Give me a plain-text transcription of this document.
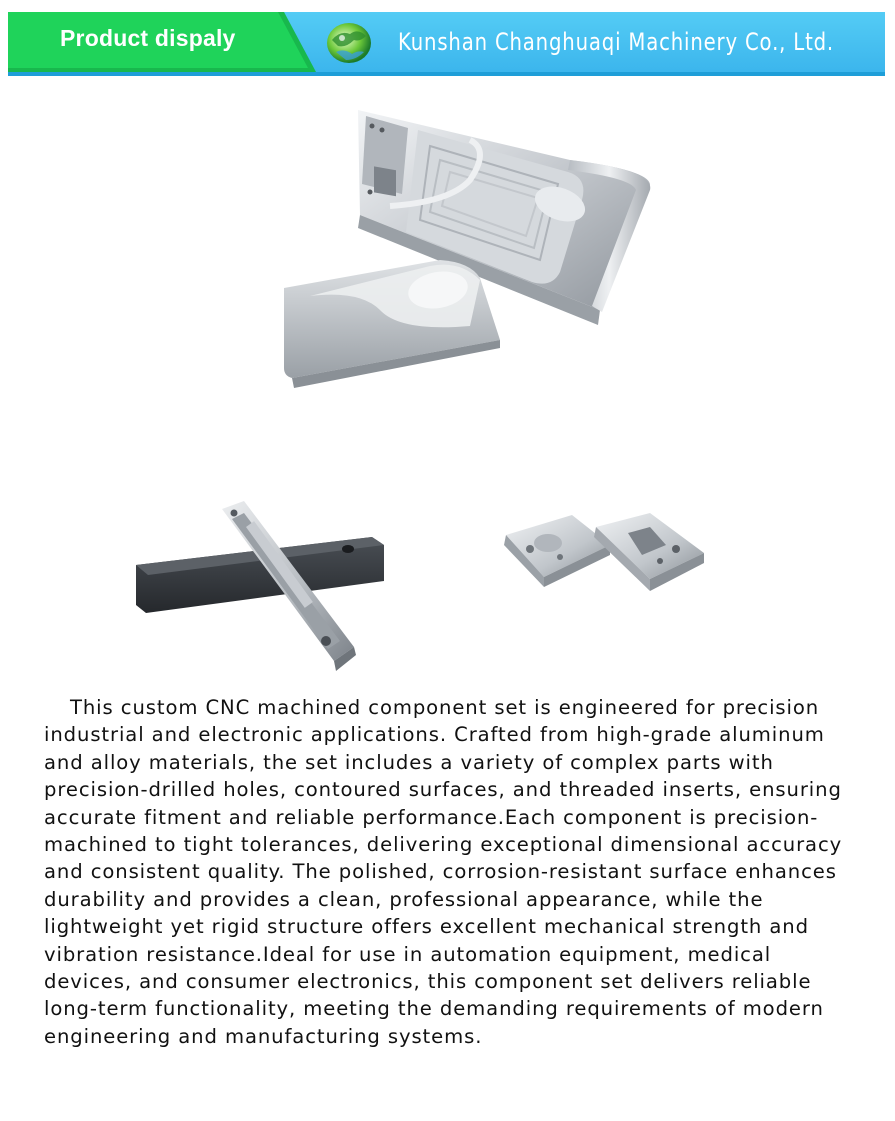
Product dispaly	Kunshan Changhuaqi Machinery Co., Ltd.

This custom CNC machined component set is engineered for precision industrial and electronic applications. Crafted from high-grade aluminum and alloy materials, the set includes a variety of complex parts with precision-drilled holes, contoured surfaces, and threaded inserts, ensuring accurate fitment and reliable performance.Each component is precision-machined to tight tolerances, delivering exceptional dimensional accuracy and consistent quality. The polished, corrosion-resistant surface enhances durability and provides a clean, professional appearance, while the lightweight yet rigid structure offers excellent mechanical strength and vibration resistance.Ideal for use in automation equipment, medical devices, and consumer electronics, this component set delivers reliable long-term functionality, meeting the demanding requirements of modern engineering and manufacturing systems.
